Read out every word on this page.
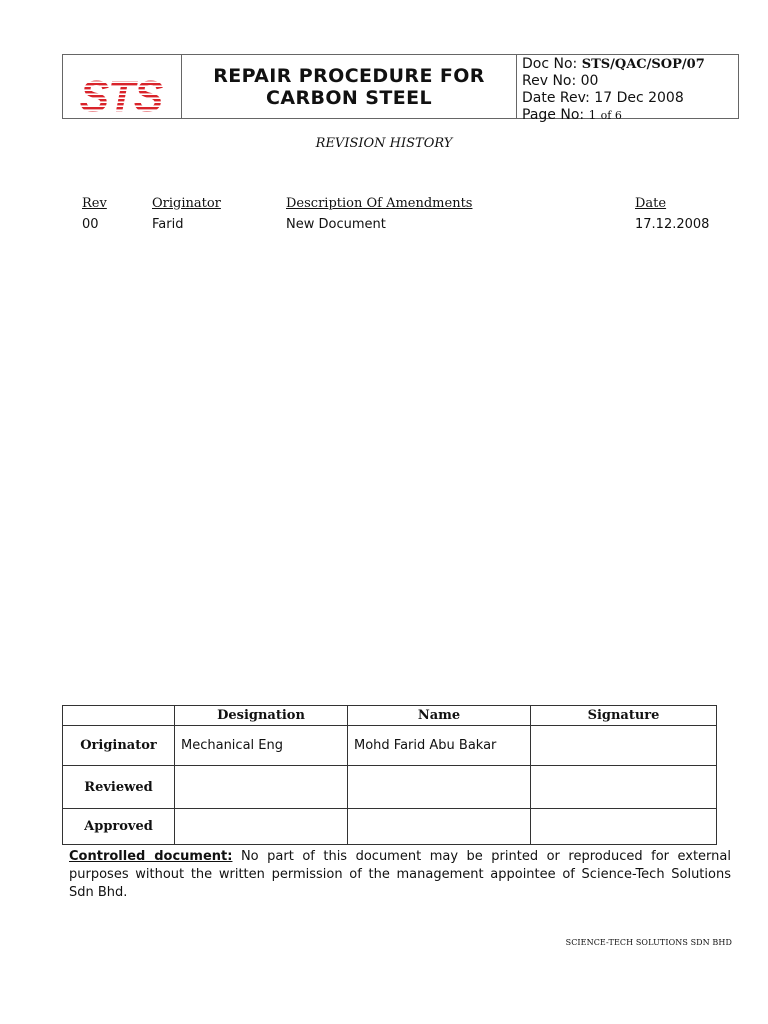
STS	REPAIR PROCEDURE FOR
CARBON STEEL
Doc No: STS/QAC/SOP/07
Rev No: 00
Date Rev: 17 Dec 2008
Page No: 1 of 6
REVISION HISTORY
Rev	Originator	Description Of Amendments	Date
00	Farid	New Document	17.12.2008
	Designation	Name	Signature
Originator	Mechanical Eng	Mohd Farid Abu Bakar	
Reviewed			
Approved			
Controlled document: No part of this document may be printed or reproduced for external purposes without the written permission of the management appointee of Science-Tech Solutions Sdn Bhd.
SCIENCE-TECH SOLUTIONS SDN BHD
